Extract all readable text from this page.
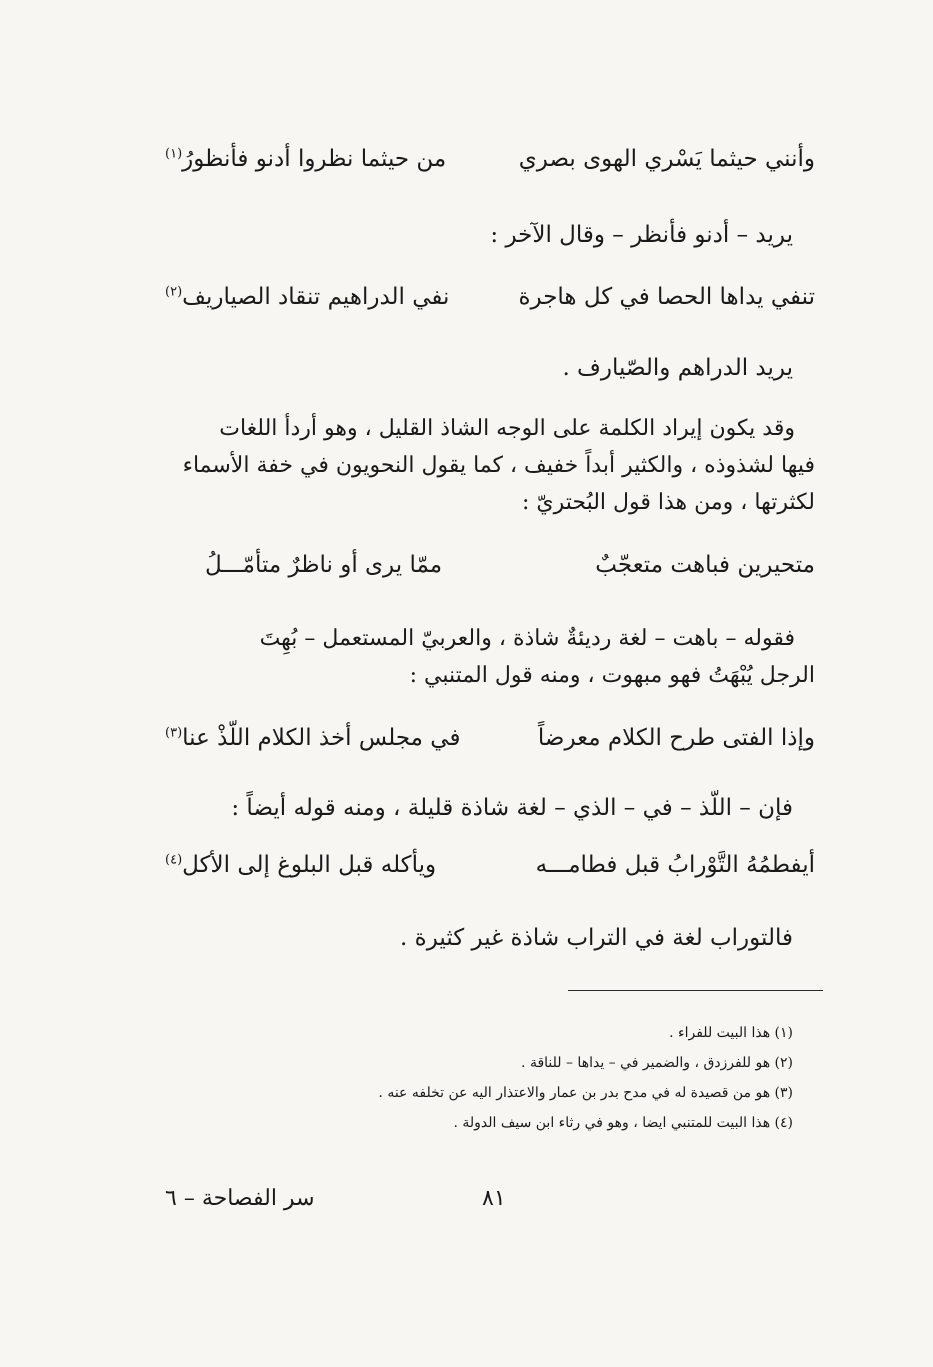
وأنني حيثما يَسْري الهوى بصري
من حيثما نظروا أدنو فأنظورُ$^{(١)}$
يريد – أدنو فأنظر – وقال الآخر :
تنفي يداها الحصا في كل هاجرة
نفي الدراهيم تنقاد الصياريف$^{(٢)}$
يريد الدراهم والصّيارف .
وقد يكون إيراد الكلمة على الوجه الشاذ القليل ، وهو أردأ اللغات
فيها لشذوذه ، والكثير أبداً خفيف ، كما يقول النحويون في خفة الأسماء
لكثرتها ، ومن هذا قول البُحتريّ :
متحيرين فباهت متعجّبٌ
ممّا يرى أو ناظرٌ متأمّـــلُ
فقوله – باهت – لغة رديئةٌ شاذة ، والعربيّ المستعمل – بُهِتَ
الرجل يُبْهَتُ فهو مبهوت ، ومنه قول المتنبي :
وإذا الفتى طرح الكلام معرضاً
في مجلس أخذ الكلام اللّذْ عنا$^{(٣)}$
فإن – اللّذ – في – الذي – لغة شاذة قليلة ، ومنه قوله أيضاً :
أيفطمُهُ التَّوْرابُ قبل فطامـــه
ويأكله قبل البلوغ إلى الأكل$^{(٤)}$
فالتوراب لغة في التراب شاذة غير كثيرة .
(١) هذا البيت للفراء .
(٢) هو للفرزدق ، والضمير في – يداها – للناقة .
(٣) هو من قصيدة له في مدح بدر بن عمار والاعتذار اليه عن تخلفه عنه .
(٤) هذا البيت للمتنبي ايضا ، وهو في رثاء ابن سيف الدولة .
٨١
سر الفصاحة – ٦
